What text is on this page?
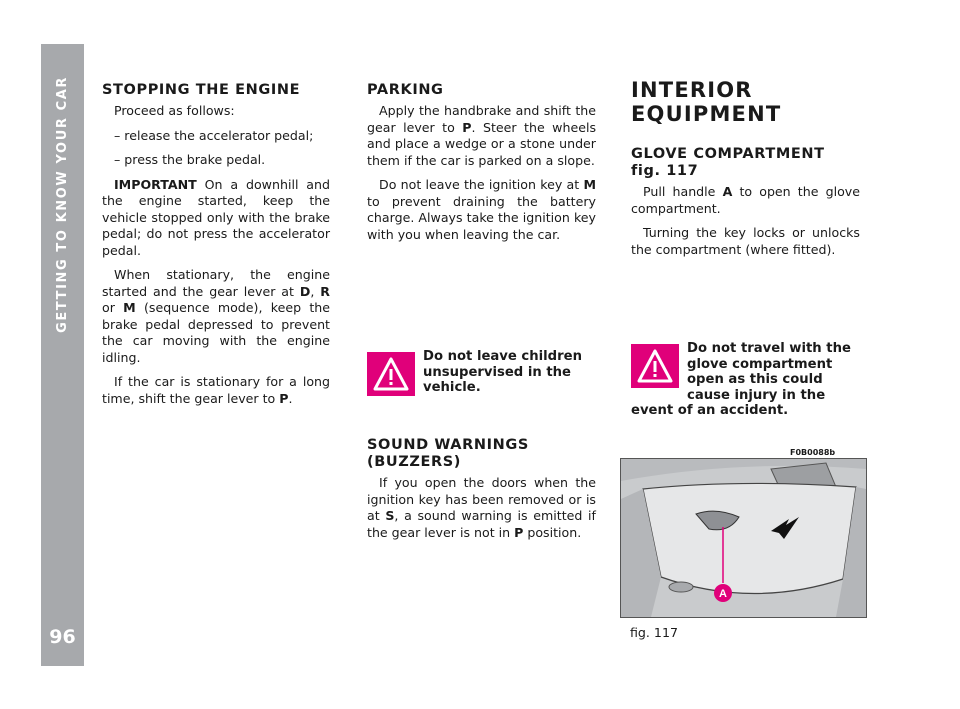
GETTING TO KNOW YOUR CAR
96
STOPPING THE ENGINE

Proceed as follows:

– release the accelerator pedal;

– press the brake pedal.

IMPORTANT On a downhill and the engine started, keep the vehicle stopped only with the brake pedal; do not press the accelerator pedal.

When stationary, the engine started and the gear lever at D, R or M (sequence mode), keep the brake pedal depressed to prevent the car moving with the engine idling.

If the car is stationary for a long time, shift the gear lever to P.

PARKING

Apply the handbrake and shift the gear lever to P. Steer the wheels and place a wedge or a stone under them if the car is parked on a slope.

Do not leave the ignition key at M to prevent draining the battery charge. Always take the ignition key with you when leaving the car.

Do not leave children unsupervised in the vehicle.

SOUND WARNINGS (BUZZERS)

If you open the doors when the ignition key has been removed or is at S, a sound warning is emitted if the gear lever is not in P position.

INTERIOR
EQUIPMENT
GLOVE COMPARTMENT
fig. 117

Pull handle A to open the glove compartment.

Turning the key locks or unlocks the compartment (where fitted).

Do not travel with the glove compartment open as this could cause injury in the event of an accident.

F0B0088b
A
fig. 117
